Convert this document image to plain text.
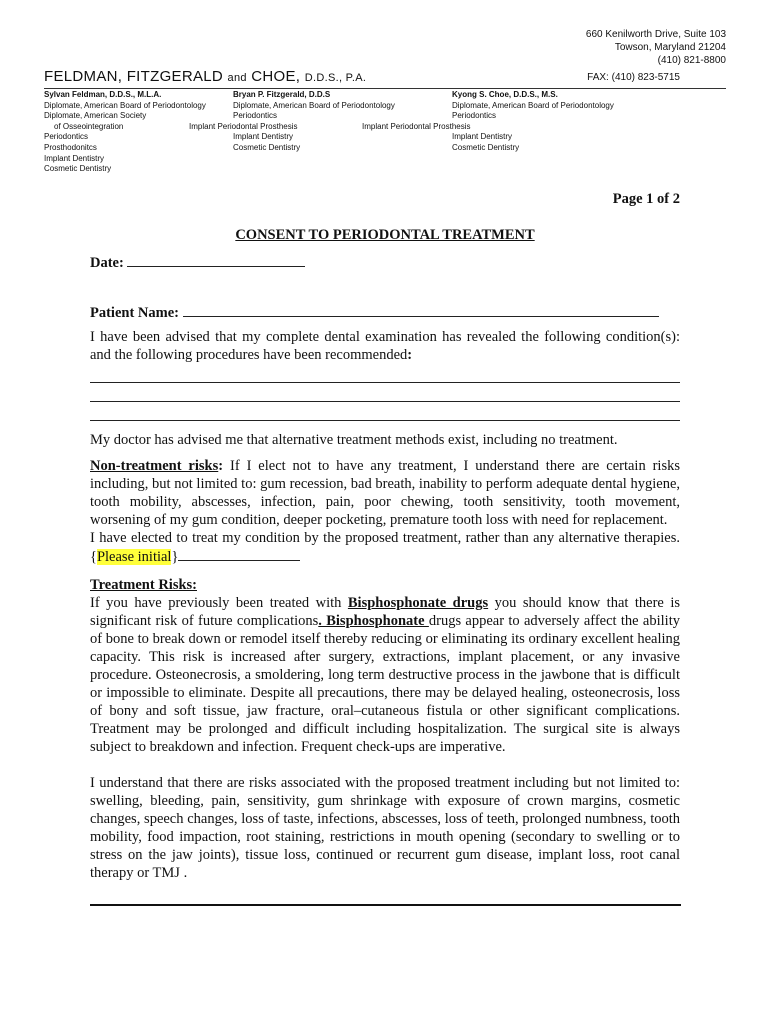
660 Kenilworth Drive, Suite 103
Towson, Maryland 21204
(410) 821-8800
FELDMAN, FITZGERALD and CHOE, D.D.S., P.A.	FAX: (410) 823-5715
Sylvan Feldman, D.D.S., M.L.A.
Diplomate, American Board of Periodontology
Diplomate, American Society
of Osseointegration
Periodontics
Prosthodonitcs
Implant Dentistry
Cosmetic Dentistry
Bryan P. Fitzgerald, D.D.S
Diplomate, American Board of Periodontology
Periodontics
Implant Periodontal Prosthesis
Implant Dentistry
Cosmetic Dentistry
Kyong S. Choe, D.D.S., M.S.
Diplomate, American Board of Periodontology
Periodontics
Implant Periodontal Prosthesis
Implant Dentistry
Cosmetic Dentistry
Page 1 of 2
CONSENT TO PERIODONTAL TREATMENT
Date:
Patient Name:

I have been advised that my complete dental examination has revealed the following condition(s): and the following procedures have been recommended:

My doctor has advised me that alternative treatment methods exist, including no treatment.

Non-treatment risks: If I elect not to have any treatment, I understand there are certain risks including, but not limited to: gum recession, bad breath, inability to perform adequate dental hygiene, tooth mobility, abscesses, infection, pain, poor chewing, tooth sensitivity, tooth movement, worsening of my gum condition, deeper pocketing, premature tooth loss with need for replacement.

I have elected to treat my condition by the proposed treatment, rather than any alternative therapies. {Please initial}

Treatment Risks:

If you have previously been treated with Bisphosphonate drugs you should know that there is significant risk of future complications. Bisphosphonate drugs appear to adversely affect the ability of bone to break down or remodel itself thereby reducing or eliminating its ordinary excellent healing capacity. This risk is increased after surgery, extractions, implant placement, or any invasive procedure. Osteonecrosis, a smoldering, long term destructive process in the jawbone that is difficult or impossible to eliminate. Despite all precautions, there may be delayed healing, osteonecrosis, loss of bony and soft tissue, jaw fracture, oral–cutaneous fistula or other significant complications. Treatment may be prolonged and difficult including hospitalization. The surgical site is always subject to breakdown and infection. Frequent check-ups are imperative.

I understand that there are risks associated with the proposed treatment including but not limited to: swelling, bleeding, pain, sensitivity, gum shrinkage with exposure of crown margins, cosmetic changes, speech changes, loss of taste, infections, abscesses, loss of teeth, prolonged numbness, tooth mobility, food impaction, root staining, restrictions in mouth opening (secondary to swelling or to stress on the jaw joints), tissue loss, continued or recurrent gum disease, implant loss, root canal therapy or TMJ .
